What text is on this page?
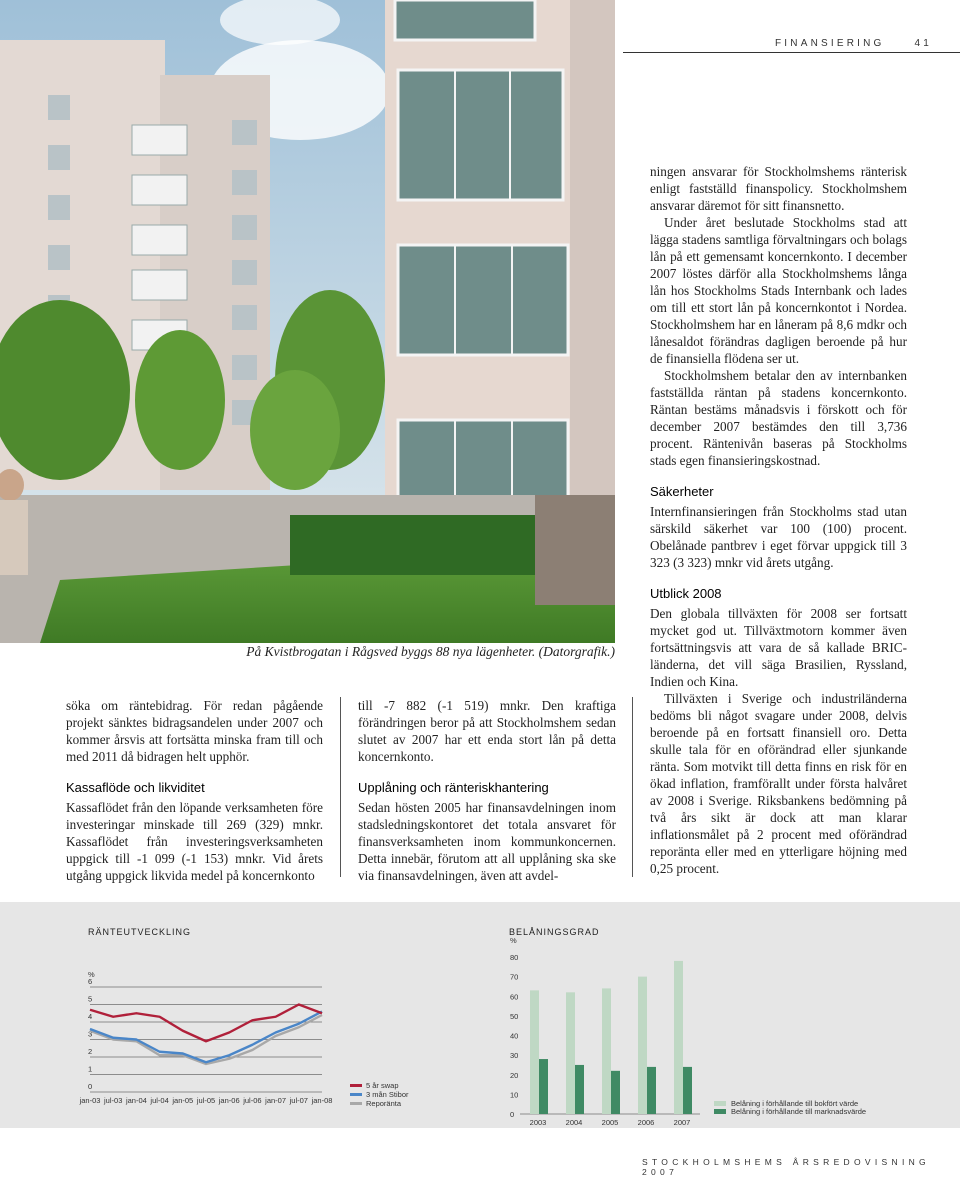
FINANSIERING	41
På Kvistbrogatan i Rågsved byggs 88 nya lägenheter. (Datorgrafik.)

ningen ansvarar för Stockholmshems ränterisk enligt fastställd finanspolicy. Stockholmshem ansvarar däremot för sitt finansnetto.

Under året beslutade Stockholms stad att lägga stadens samtliga förvaltningars och bolags lån på ett gemensamt koncernkonto. I december 2007 löstes därför alla Stockholmshems långa lån hos Stockholms Stads Internbank och lades om till ett stort lån på koncernkontot i Nordea. Stockholmshem har en låneram på 8,6 mdkr och lånesaldot förändras dagligen beroende på hur de finansiella flödena ser ut.

Stockholmshem betalar den av internbanken fastställda räntan på stadens koncernkonto. Räntan bestäms månadsvis i förskott och för december 2007 bestämdes den till 3,736 procent. Räntenivån baseras på Stockholms stads egen finansieringskostnad.

Säkerheter

Internfinansieringen från Stockholms stad utan särskild säkerhet var 100 (100) procent. Obelånade pantbrev i eget förvar uppgick till 3 323 (3 323) mnkr vid årets utgång.

Utblick 2008

Den globala tillväxten för 2008 ser fortsatt mycket god ut. Tillväxtmotorn kommer även fortsättningsvis att vara de så kallade BRIC-länderna, det vill säga Brasilien, Ryssland, Indien och Kina.

Tillväxten i Sverige och industriländerna bedöms bli något svagare under 2008, delvis beroende på en fortsatt finansiell oro. Detta skulle tala för en oförändrad eller sjunkande ränta. Som motvikt till detta finns en risk för en ökad inflation, framförallt under första halvåret av 2008 i Sverige. Riksbankens bedömning på två års sikt är dock att man klarar inflationsmålet på 2 procent med oförändrad reporänta eller med en ytterligare höjning med 0,25 procent.

söka om räntebidrag. För redan pågående projekt sänktes bidragsandelen under 2007 och kommer årsvis att fortsätta minska fram till och med 2011 då bidragen helt upphör.

Kassaflöde och likviditet

Kassaflödet från den löpande verksamheten före investeringar minskade till 269 (329) mnkr. Kassaflödet från investeringsverksamheten uppgick till -1 099 (-1 153) mnkr. Vid årets utgång uppgick likvida medel på koncernkonto

till -7 882 (-1 519) mnkr. Den kraftiga förändringen beror på att Stockholmshem sedan slutet av 2007 har ett enda stort lån på detta koncernkonto.

Upplåning och ränteriskhantering

Sedan hösten 2005 har finansavdelningen inom stadsledningskontoret det totala ansvaret för finansverksamheten inom kommunkoncernen. Detta innebär, förutom att all upplåning ska ske via finansavdelningen, även att avdel-

RÄNTEUTVECKLING	BELÅNINGSGRAD
%
0
1
2
3
4
5
6
jan-03 jul-03 jan-04 jul-04 jan-05 jul-05 jan-06 jul-06 jan-07 jul-07 jan-08
5 år swap
3 mån Stibor
Reporänta
%
0
10
20
30
40
50
60
70
80
2003	2004	2005	2006	2007
Belåning i förhållande till bokfört värde
Belåning i förhållande till marknadsvärde
STOCKHOLMSHEMS ÅRSREDOVISNING 2007
